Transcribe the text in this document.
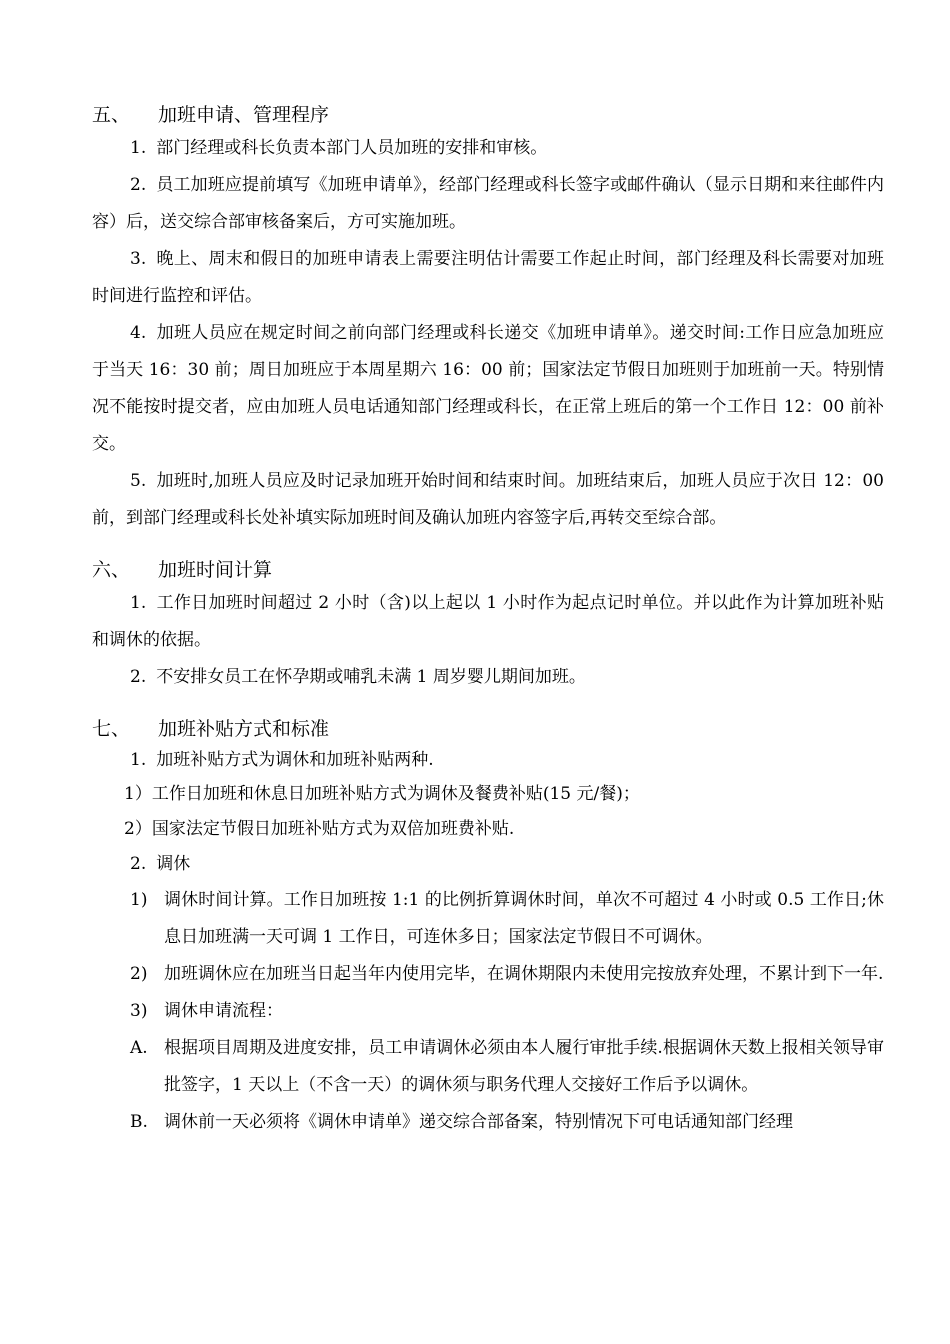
五、 加班申请、管理程序
1. 部门经理或科长负责本部门人员加班的安排和审核。
2. 员工加班应提前填写《加班申请单》，经部门经理或科长签字或邮件确认（显示日期和来往邮件内容）后，送交综合部审核备案后，方可实施加班。
3. 晚上、周末和假日的加班申请表上需要注明估计需要工作起止时间，部门经理及科长需要对加班时间进行监控和评估。
4. 加班人员应在规定时间之前向部门经理或科长递交《加班申请单》。递交时间:工作日应急加班应于当天 16：30 前；周日加班应于本周星期六 16：00 前；国家法定节假日加班则于加班前一天。特别情况不能按时提交者，应由加班人员电话通知部门经理或科长，在正常上班后的第一个工作日 12：00 前补交。
5. 加班时,加班人员应及时记录加班开始时间和结束时间。加班结束后，加班人员应于次日 12：00 前，到部门经理或科长处补填实际加班时间及确认加班内容签字后,再转交至综合部。
六、 加班时间计算
1. 工作日加班时间超过 2 小时（含)以上起以 1 小时作为起点记时单位。并以此作为计算加班补贴和调休的依据。
2. 不安排女员工在怀孕期或哺乳未满 1 周岁婴儿期间加班。
七、 加班补贴方式和标准
1. 加班补贴方式为调休和加班补贴两种.
1）工作日加班和休息日加班补贴方式为调休及餐费补贴(15 元/餐)；
2）国家法定节假日加班补贴方式为双倍加班费补贴.
2. 调休
1) 调休时间计算。工作日加班按 1:1 的比例折算调休时间，单次不可超过 4 小时或 0.5 工作日;休息日加班满一天可调 1 工作日，可连休多日；国家法定节假日不可调休。
2) 加班调休应在加班当日起当年内使用完毕，在调休期限内未使用完按放弃处理，不累计到下一年.
3) 调休申请流程：
A. 根据项目周期及进度安排，员工申请调休必须由本人履行审批手续.根据调休天数上报相关领导审批签字，1 天以上（不含一天）的调休须与职务代理人交接好工作后予以调休。
B. 调休前一天必须将《调休申请单》递交综合部备案，特别情况下可电话通知部门经理
